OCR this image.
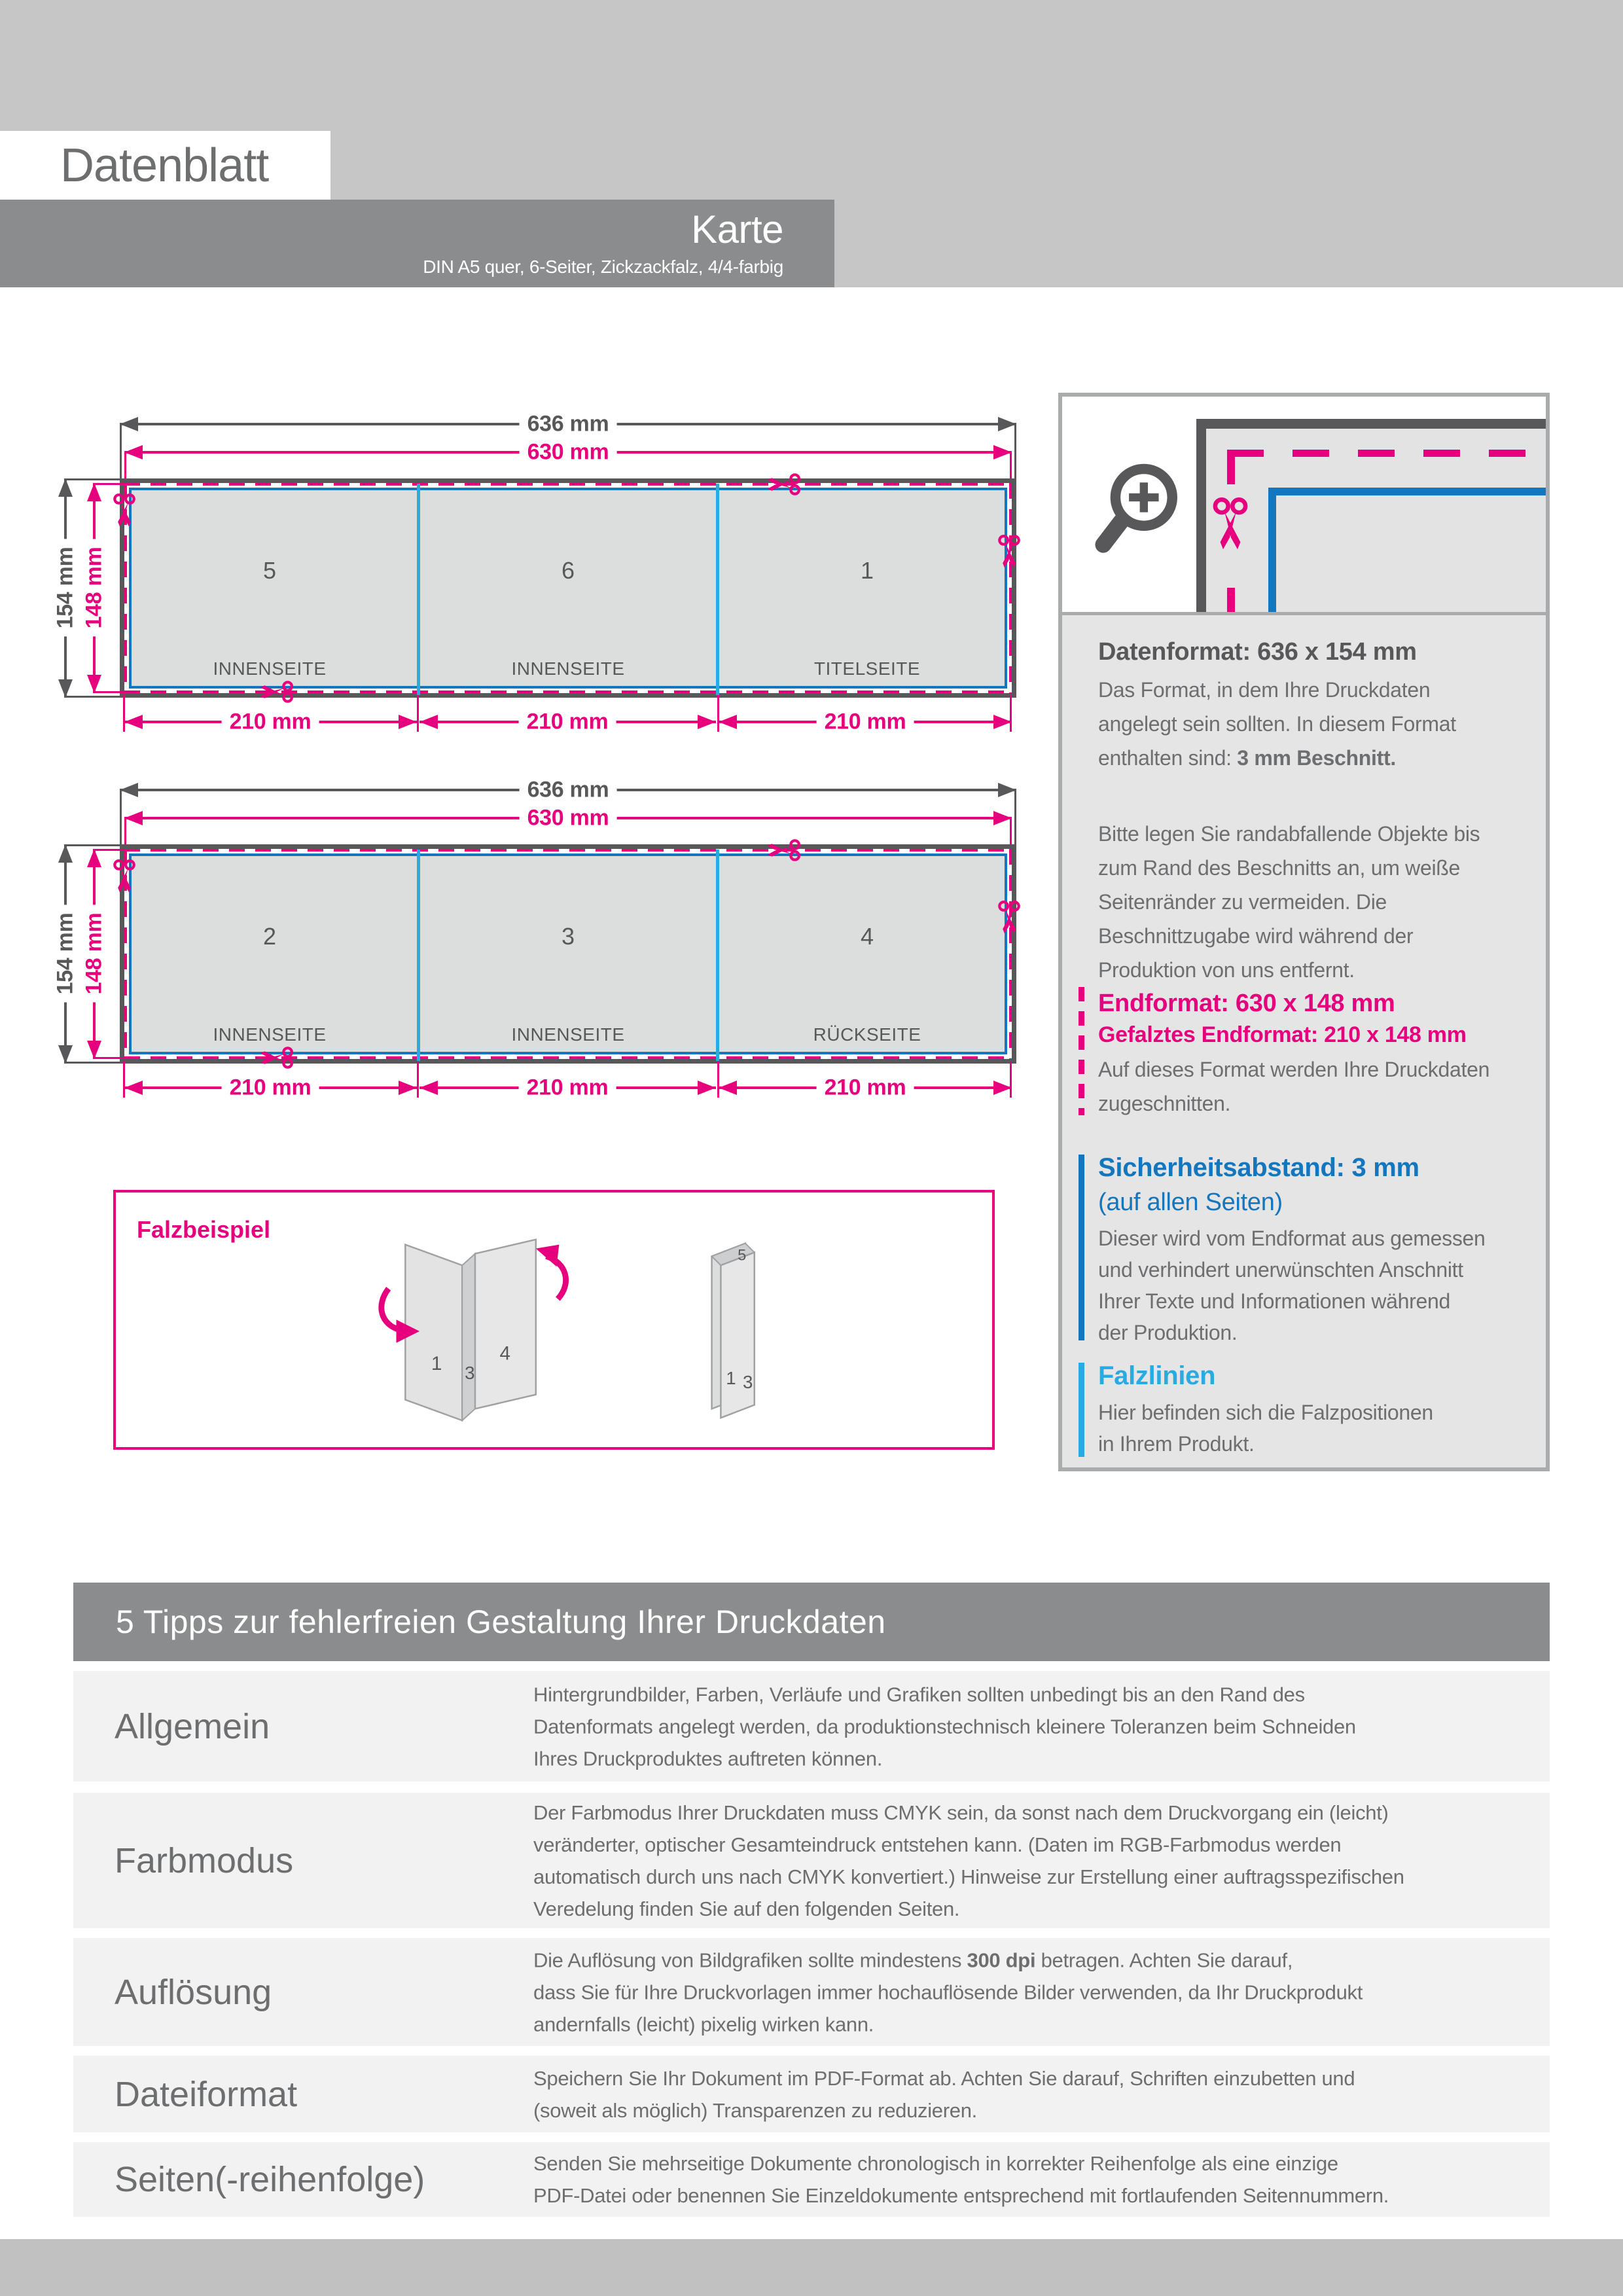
Datenblatt
Karte
DIN A5 quer, 6-Seiter, Zickzackfalz, 4/4-farbig
636 mm
630 mm
5	6	1
INNENSEITE	INNENSEITE	TITELSEITE
210 mm	210 mm	210 mm
154 mm 148 mm
636 mm
630 mm
2	3	4
INNENSEITE	INNENSEITE	RÜCKSEITE
210 mm	210 mm	210 mm
154 mm 148 mm
Falzbeispiel
1 3
4
1 3
5
Datenformat: 636 x 154 mm
Das Format, in dem Ihre Druckdaten
angelegt sein sollten. In diesem Format
enthalten sind: 3 mm Beschnitt.
Bitte legen Sie randabfallende Objekte bis
zum Rand des Beschnitts an, um weiße
Seitenränder zu vermeiden. Die
Beschnittzugabe wird während der
Produktion von uns entfernt.
Endformat: 630 x 148 mm
Gefalztes Endformat: 210 x 148 mm
Auf dieses Format werden Ihre Druckdaten
zugeschnitten.
Sicherheitsabstand: 3 mm
(auf allen Seiten)
Dieser wird vom Endformat aus gemessen
und verhindert unerwünschten Anschnitt
Ihrer Texte und Informationen während
der Produktion.
Falzlinien
Hier befinden sich die Falzpositionen
in Ihrem Produkt.
5 Tipps zur fehlerfreien Gestaltung Ihrer Druckdaten
Allgemein
Hintergrundbilder, Farben, Verläufe und Grafiken sollten unbedingt bis an den Rand des
Datenformats angelegt werden, da produktionstechnisch kleinere Toleranzen beim Schneiden
Ihres Druckproduktes auftreten können.
Farbmodus
Der Farbmodus Ihrer Druckdaten muss CMYK sein, da sonst nach dem Druckvorgang ein (leicht)
veränderter, optischer Gesamteindruck entstehen kann. (Daten im RGB-Farbmodus werden
automatisch durch uns nach CMYK konvertiert.) Hinweise zur Erstellung einer auftragsspezifischen
Veredelung finden Sie auf den folgenden Seiten.
Auflösung
Die Auflösung von Bildgrafiken sollte mindestens 300 dpi betragen. Achten Sie darauf,
dass Sie für Ihre Druckvorlagen immer hochauflösende Bilder verwenden, da Ihr Druckprodukt
andernfalls (leicht) pixelig wirken kann.
Dateiformat	Speichern Sie Ihr Dokument im PDF-Format ab. Achten Sie darauf, Schriften einzubetten und
(soweit als möglich) Transparenzen zu reduzieren.
Seiten(-reihenfolge)	Senden Sie mehrseitige Dokumente chronologisch in korrekter Reihenfolge als eine einzige
PDF-Datei oder benennen Sie Einzeldokumente entsprechend mit fortlaufenden Seitennummern.
